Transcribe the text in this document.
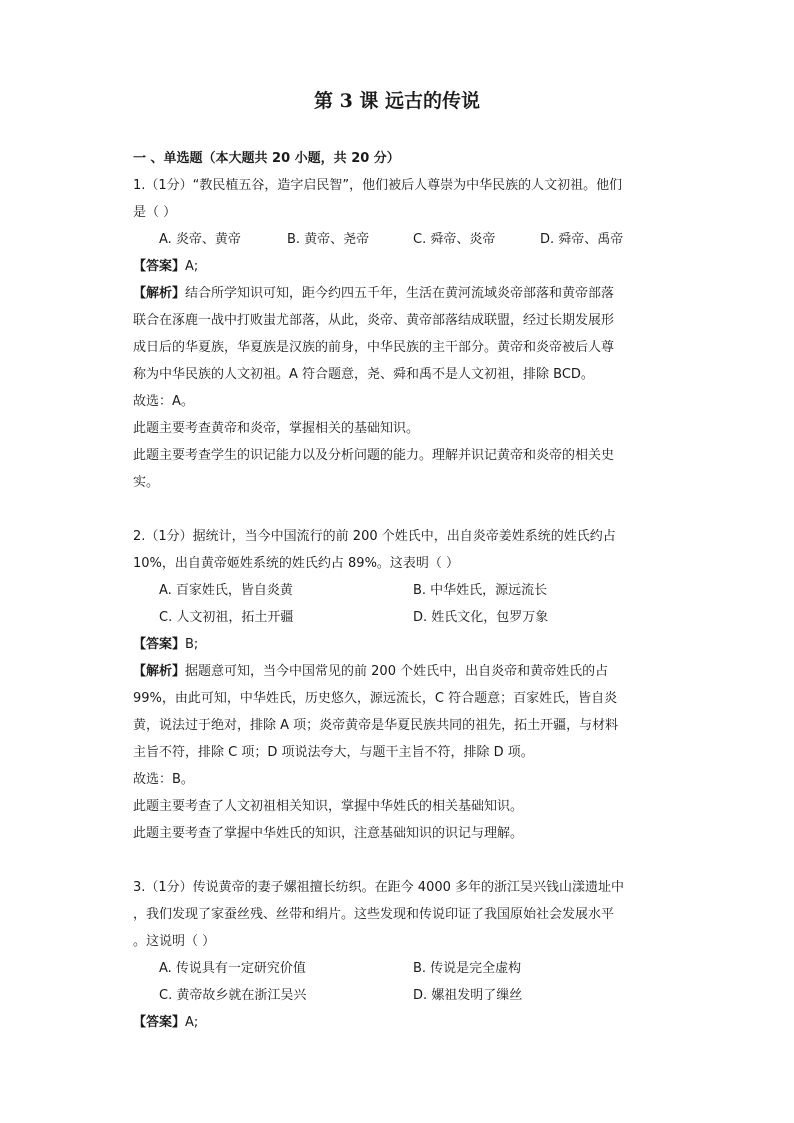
第 3 课 远古的传说
一 、单选题（本大题共 20 小题，共 20 分）
1.（1分）“教民植五谷，造字启民智”，他们被后人尊崇为中华民族的人文初祖。他们
是（ ）
A. 炎帝、黄帝	B. 黄帝、尧帝	C. 舜帝、炎帝	D. 舜帝、禹帝
【答案】A;
【解析】结合所学知识可知，距今约四五千年，生活在黄河流域炎帝部落和黄帝部落
联合在涿鹿一战中打败蚩尤部落，从此，炎帝、黄帝部落结成联盟，经过长期发展形
成日后的华夏族，华夏族是汉族的前身，中华民族的主干部分。黄帝和炎帝被后人尊
称为中华民族的人文初祖。A 符合题意，尧、舜和禹不是人文初祖，排除 BCD。
故选：A。
此题主要考查黄帝和炎帝，掌握相关的基础知识。
此题主要考查学生的识记能力以及分析问题的能力。理解并识记黄帝和炎帝的相关史
实。
2.（1分）据统计，当今中国流行的前 200 个姓氏中，出自炎帝姜姓系统的姓氏约占
10%，出自黄帝姬姓系统的姓氏约占 89%。这表明（ ）
A. 百家姓氏，皆自炎黄	B. 中华姓氏，源远流长
C. 人文初祖，拓土开疆	D. 姓氏文化，包罗万象
【答案】B;
【解析】据题意可知，当今中国常见的前 200 个姓氏中，出自炎帝和黄帝姓氏的占
99%，由此可知，中华姓氏，历史悠久，源远流长，C 符合题意；百家姓氏，皆自炎
黄，说法过于绝对，排除 A 项；炎帝黄帝是华夏民族共同的祖先，拓土开疆，与材料
主旨不符，排除 C 项；D 项说法夸大，与题干主旨不符，排除 D 项。
故选：B。
此题主要考查了人文初祖相关知识，掌握中华姓氏的相关基础知识。
此题主要考查了掌握中华姓氏的知识，注意基础知识的识记与理解。
3.（1分）传说黄帝的妻子嫘祖擅长纺织。在距今 4000 多年的浙江吴兴钱山漾遗址中
，我们发现了家蚕丝残、丝带和绢片。这些发现和传说印证了我国原始社会发展水平
。这说明（ ）
A. 传说具有一定研究价值	B. 传说是完全虚构
C. 黄帝故乡就在浙江吴兴	D. 嫘祖发明了缫丝
【答案】A;
